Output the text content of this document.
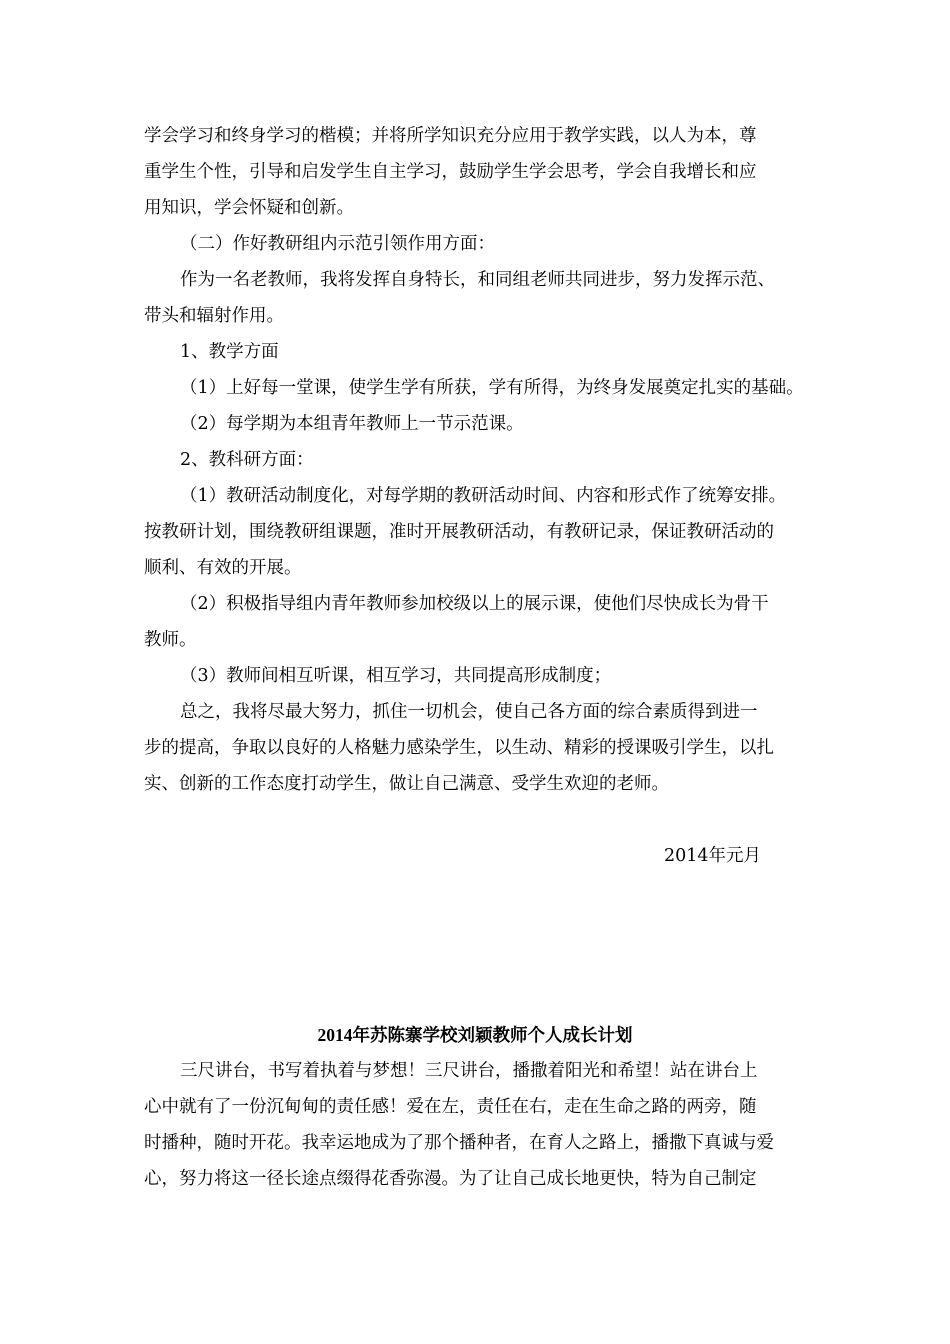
学会学习和终身学习的楷模；并将所学知识充分应用于教学实践，以人为本，尊
重学生个性，引导和启发学生自主学习，鼓励学生学会思考，学会自我增长和应
用知识，学会怀疑和创新。
（二）作好教研组内示范引领作用方面：
作为一名老教师，我将发挥自身特长，和同组老师共同进步，努力发挥示范、
带头和辐射作用。
1、教学方面
（1）上好每一堂课，使学生学有所获，学有所得，为终身发展奠定扎实的基础。
（2）每学期为本组青年教师上一节示范课。
2、教科研方面：
（1）教研活动制度化，对每学期的教研活动时间、内容和形式作了统筹安排。
按教研计划，围绕教研组课题，准时开展教研活动，有教研记录，保证教研活动的
顺利、有效的开展。
（2）积极指导组内青年教师参加校级以上的展示课，使他们尽快成长为骨干
教师。
（3）教师间相互听课，相互学习，共同提高形成制度；
总之，我将尽最大努力，抓住一切机会，使自己各方面的综合素质得到进一
步的提高，争取以良好的人格魅力感染学生，以生动、精彩的授课吸引学生，以扎
实、创新的工作态度打动学生，做让自己满意、受学生欢迎的老师。
2014年元月
2014年苏陈寨学校刘颖教师个人成长计划
三尺讲台，书写着执着与梦想！三尺讲台，播撒着阳光和希望！站在讲台上
心中就有了一份沉甸甸的责任感！爱在左，责任在右，走在生命之路的两旁，随
时播种，随时开花。我幸运地成为了那个播种者，在育人之路上，播撒下真诚与爱
心，努力将这一径长途点缀得花香弥漫。为了让自己成长地更快，特为自己制定
